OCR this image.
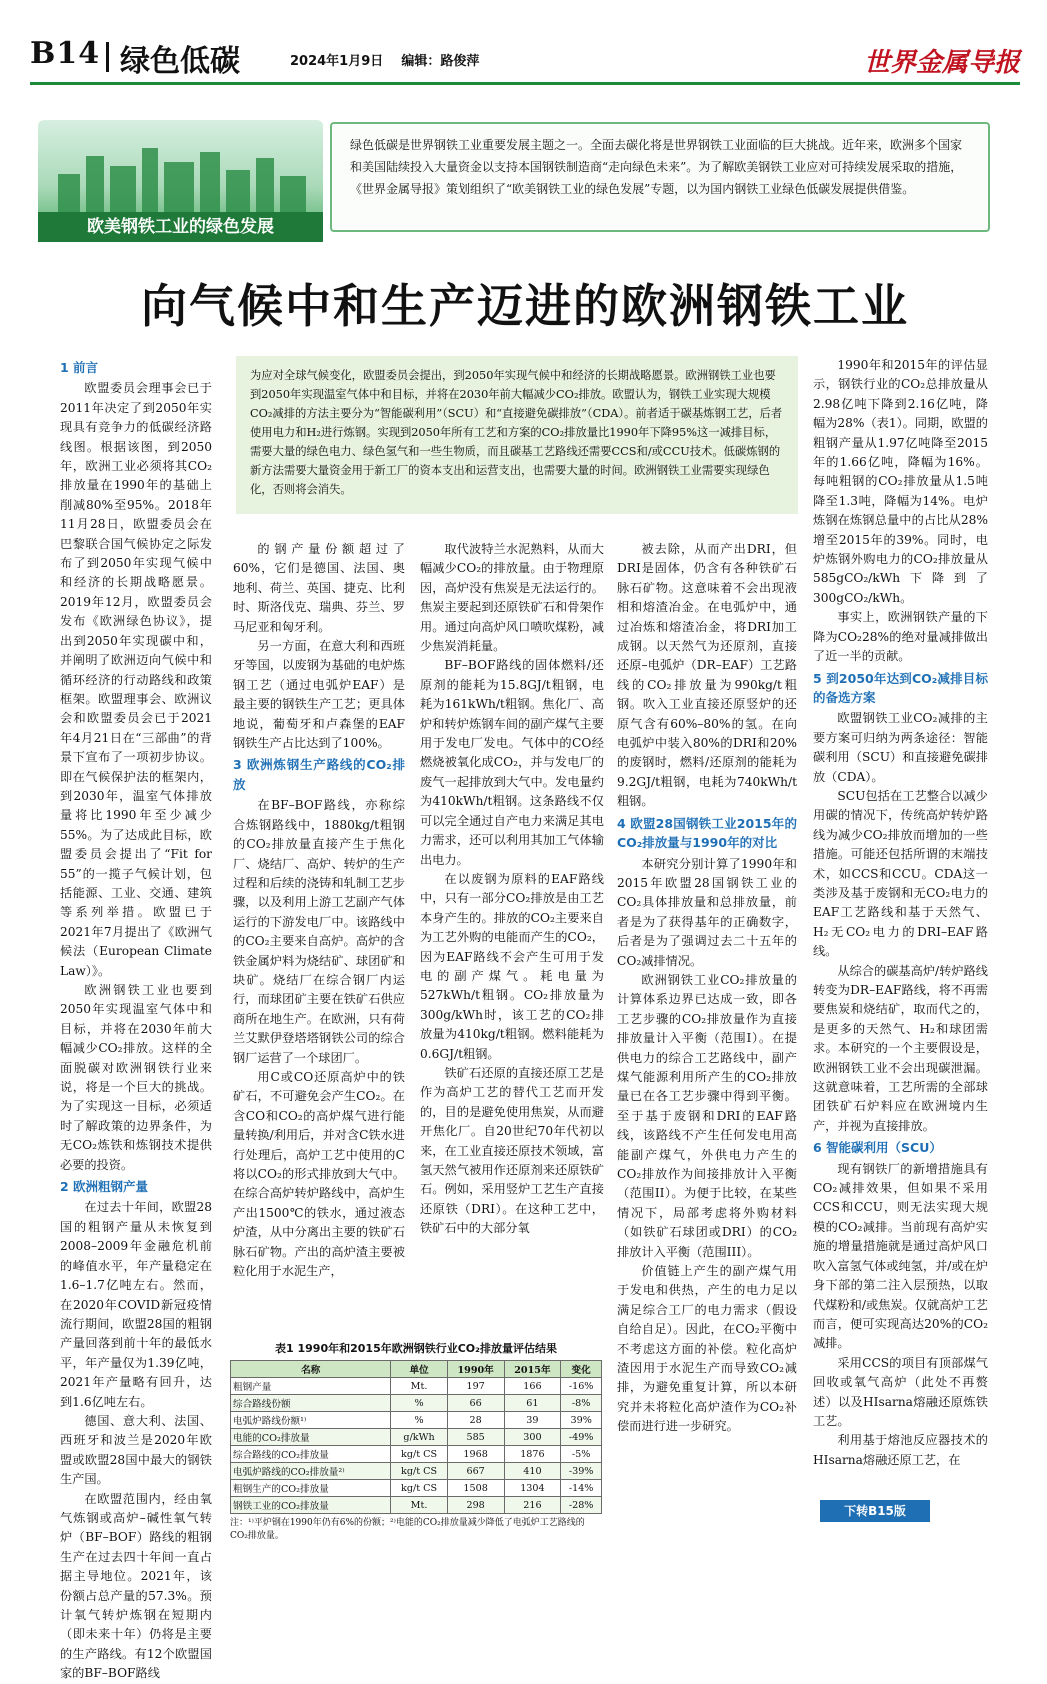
B14 绿色低碳	2024年1月9日    编辑：路俊萍	世界金属导报
欧美钢铁工业的绿色发展
绿色低碳是世界钢铁工业重要发展主题之一。全面去碳化将是世界钢铁工业面临的巨大挑战。近年来，欧洲多个国家和美国陆续投入大量资金以支持本国钢铁制造商“走向绿色未来”。为了解欧美钢铁工业应对可持续发展采取的措施，《世界金属导报》策划组织了“欧美钢铁工业的绿色发展”专题，以为国内钢铁工业绿色低碳发展提供借鉴。
向气候中和生产迈进的欧洲钢铁工业
为应对全球气候变化，欧盟委员会提出，到2050年实现气候中和经济的长期战略愿景。欧洲钢铁工业也要到2050年实现温室气体中和目标，并将在2030年前大幅减少CO₂排放。欧盟认为，钢铁工业实现大规模CO₂减排的方法主要分为“智能碳利用”（SCU）和“直接避免碳排放”（CDA）。前者适于碳基炼钢工艺，后者使用电力和H₂进行炼钢。实现到2050年所有工艺和方案的CO₂排放量比1990年下降95%这一减排目标，需要大量的绿色电力、绿色氢气和一些生物质，而且碳基工艺路线还需要CCS和/或CCU技术。低碳炼钢的新方法需要大量资金用于新工厂的资本支出和运营支出，也需要大量的时间。欧洲钢铁工业需要实现绿色化，否则将会消失。
1 前言

欧盟委员会理事会已于2011年决定了到2050年实现具有竞争力的低碳经济路线图。根据该图，到2050年，欧洲工业必须将其CO₂排放量在1990年的基础上削减80%至95%。2018年11月28日，欧盟委员会在巴黎联合国气候协定之际发布了到2050年实现气候中和经济的长期战略愿景。2019年12月，欧盟委员会发布《欧洲绿色协议》，提出到2050年实现碳中和，并阐明了欧洲迈向气候中和循环经济的行动路线和政策框架。欧盟理事会、欧洲议会和欧盟委员会已于2021年4月21日在“三部曲”的背景下宣布了一项初步协议。即在气候保护法的框架内，到2030年，温室气体排放量将比1990年至少减少55%。为了达成此目标，欧盟委员会提出了“Fit for 55”的一揽子气候计划，包括能源、工业、交通、建筑等系列举措。欧盟已于2021年7月提出了《欧洲气候法（European Climate Law）》。

欧洲钢铁工业也要到2050年实现温室气体中和目标，并将在2030年前大幅减少CO₂排放。这样的全面脱碳对欧洲钢铁行业来说，将是一个巨大的挑战。为了实现这一目标，必须适时了解政策的边界条件，为无CO₂炼铁和炼钢技术提供必要的投资。

2 欧洲粗钢产量

在过去十年间，欧盟28国的粗钢产量从未恢复到2008–2009年金融危机前的峰值水平，年产量稳定在1.6–1.7亿吨左右。然而，在2020年COVID新冠疫情流行期间，欧盟28国的粗钢产量回落到前十年的最低水平，年产量仅为1.39亿吨，2021年产量略有回升，达到1.6亿吨左右。

德国、意大利、法国、西班牙和波兰是2020年欧盟或欧盟28国中最大的钢铁生产国。

在欧盟范围内，经由氧气炼钢或高炉–碱性氧气转炉（BF–BOF）路线的粗钢生产在过去四十年间一直占据主导地位。2021年，该份额占总产量的57.3%。预计氧气转炉炼钢在短期内（即未来十年）仍将是主要的生产路线。有12个欧盟国家的BF–BOF路线

的钢产量份额超过了60%，它们是德国、法国、奥地利、荷兰、英国、捷克、比利时、斯洛伐克、瑞典、芬兰、罗马尼亚和匈牙利。

另一方面，在意大利和西班牙等国，以废钢为基础的电炉炼钢工艺（通过电弧炉EAF）是最主要的钢铁生产工艺；更具体地说，葡萄牙和卢森堡的EAF钢铁生产占比达到了100%。

3 欧洲炼钢生产路线的CO₂排放

在BF–BOF路线，亦称综合炼钢路线中，1880kg/t粗钢的CO₂排放量直接产生于焦化厂、烧结厂、高炉、转炉的生产过程和后续的浇铸和轧制工艺步骤，以及利用上游工艺副产气体运行的下游发电厂中。该路线中的CO₂主要来自高炉。高炉的含铁金属炉料为烧结矿、球团矿和块矿。烧结厂在综合钢厂内运行，而球团矿主要在铁矿石供应商所在地生产。在欧洲，只有荷兰艾默伊登塔塔钢铁公司的综合钢厂运营了一个球团厂。

用C或CO还原高炉中的铁矿石，不可避免会产生CO₂。在含CO和CO₂的高炉煤气进行能量转换/利用后，并对含C铁水进行处理后，高炉工艺中使用的C将以CO₂的形式排放到大气中。在综合高炉转炉路线中，高炉生产出1500℃的铁水，通过液态炉渣，从中分离出主要的铁矿石脉石矿物。产出的高炉渣主要被粒化用于水泥生产，

取代波特兰水泥熟料，从而大幅减少CO₂的排放量。由于物理原因，高炉没有焦炭是无法运行的。焦炭主要起到还原铁矿石和骨架作用。通过向高炉风口喷吹煤粉，减少焦炭消耗量。

BF–BOF路线的固体燃料/还原剂的能耗为15.8GJ/t粗钢，电耗为161kWh/t粗钢。焦化厂、高炉和转炉炼钢车间的副产煤气主要用于发电厂发电。气体中的CO经燃烧被氧化成CO₂，并与发电厂的废气一起排放到大气中。发电量约为410kWh/t粗钢。这条路线不仅可以完全通过自产电力来满足其电力需求，还可以利用其加工气体输出电力。

在以废钢为原料的EAF路线中，只有一部分CO₂排放是由工艺本身产生的。排放的CO₂主要来自为工艺外购的电能而产生的CO₂，因为EAF路线不会产生可用于发电的副产煤气。耗电量为527kWh/t粗钢。CO₂排放量为300g/kWh时，该工艺的CO₂排放量为410kg/t粗钢。燃料能耗为0.6GJ/t粗钢。

铁矿石还原的直接还原工艺是作为高炉工艺的替代工艺而开发的，目的是避免使用焦炭，从而避开焦化厂。自20世纪70年代初以来，在工业直接还原技术领域，富氢天然气被用作还原剂来还原铁矿石。例如，采用竖炉工艺生产直接还原铁（DRI）。在这种工艺中，铁矿石中的大部分氧

被去除，从而产出DRI，但DRI是固体，仍含有各种铁矿石脉石矿物。这意味着不会出现液相和熔渣冶金。在电弧炉中，通过冶炼和熔渣冶金，将DRI加工成钢。以天然气为还原剂，直接还原–电弧炉（DR–EAF）工艺路线的CO₂排放量为990kg/t粗钢。吹入工业直接还原竖炉的还原气含有60%–80%的氢。在向电弧炉中装入80%的DRI和20%的废钢时，燃料/还原剂的能耗为9.2GJ/t粗钢，电耗为740kWh/t粗钢。

4 欧盟28国钢铁工业2015年的CO₂排放量与1990年的对比

本研究分别计算了1990年和2015年欧盟28国钢铁工业的CO₂具体排放量和总排放量，前者是为了获得基年的正确数字，后者是为了强调过去二十五年的CO₂减排情况。

欧洲钢铁工业CO₂排放量的计算体系边界已达成一致，即各工艺步骤的CO₂排放量作为直接排放量计入平衡（范围I）。在提供电力的综合工艺路线中，副产煤气能源利用所产生的CO₂排放量已在各工艺步骤中得到平衡。至于基于废钢和DRI的EAF路线，该路线不产生任何发电用高能副产煤气，外供电力产生的CO₂排放作为间接排放计入平衡（范围II）。为便于比较，在某些情况下，局部考虑将外购材料（如铁矿石球团或DRI）的CO₂排放计入平衡（范围III）。

价值链上产生的副产煤气用于发电和供热，产生的电力足以满足综合工厂的电力需求（假设自给自足）。因此，在CO₂平衡中不考虑这方面的补偿。粒化高炉渣因用于水泥生产而导致CO₂减排，为避免重复计算，所以本研究并未将粒化高炉渣作为CO₂补偿而进行进一步研究。

1990年和2015年的评估显示，钢铁行业的CO₂总排放量从2.98亿吨下降到2.16亿吨，降幅为28%（表1）。同期，欧盟的粗钢产量从1.97亿吨降至2015年的1.66亿吨，降幅为16%。每吨粗钢的CO₂排放量从1.5吨降至1.3吨，降幅为14%。电炉炼钢在炼钢总量中的占比从28%增至2015年的39%。同时，电炉炼钢外购电力的CO₂排放量从585gCO₂/kWh下降到了300gCO₂/kWh。

事实上，欧洲钢铁产量的下降为CO₂28%的绝对量减排做出了近一半的贡献。

5 到2050年达到CO₂减排目标的备选方案

欧盟钢铁工业CO₂减排的主要方案可归纳为两条途径：智能碳利用（SCU）和直接避免碳排放（CDA）。

SCU包括在工艺整合以减少用碳的情况下，传统高炉转炉路线为减少CO₂排放而增加的一些措施。可能还包括所谓的末端技术，如CCS和CCU。CDA这一类涉及基于废钢和无CO₂电力的EAF工艺路线和基于天然气、H₂无CO₂电力的DRI–EAF路线。

从综合的碳基高炉/转炉路线转变为DR–EAF路线，将不再需要焦炭和烧结矿，取而代之的，是更多的天然气、H₂和球团需求。本研究的一个主要假设是，欧洲钢铁工业不会出现碳泄漏。这就意味着，工艺所需的全部球团铁矿石炉料应在欧洲境内生产，并视为直接排放。

6 智能碳利用（SCU）

现有钢铁厂的新增措施具有CO₂减排效果，但如果不采用CCS和CCU，则无法实现大规模的CO₂减排。当前现有高炉实施的增量措施就是通过高炉风口吹入富氢气体或纯氢，并/或在炉身下部的第二注入层预热，以取代煤粉和/或焦炭。仅就高炉工艺而言，便可实现高达20%的CO₂减排。

采用CCS的项目有顶部煤气回收或氧气高炉（此处不再赘述）以及HIsarna熔融还原炼铁工艺。

利用基于熔池反应器技术的HIsarna熔融还原工艺，在

表1 1990年和2015年欧洲钢铁行业CO₂排放量评估结果
名称	单位	1990年	2015年	变化
粗钢产量	Mt.	197	166	-16%
综合路线份额	%	66	61	-8%
电弧炉路线份额¹⁾	%	28	39	39%
电能的CO₂排放量	g/kWh	585	300	-49%
综合路线的CO₂排放量	kg/t CS	1968	1876	-5%
电弧炉路线的CO₂排放量²⁾	kg/t CS	667	410	-39%
粗钢生产的CO₂排放量	kg/t CS	1508	1304	-14%
钢铁工业的CO₂排放量	Mt.	298	216	-28%
注：¹⁾平炉钢在1990年仍有6%的份额；²⁾电能的CO₂排放量减少降低了电弧炉工艺路线的CO₂排放量。
下转B15版
